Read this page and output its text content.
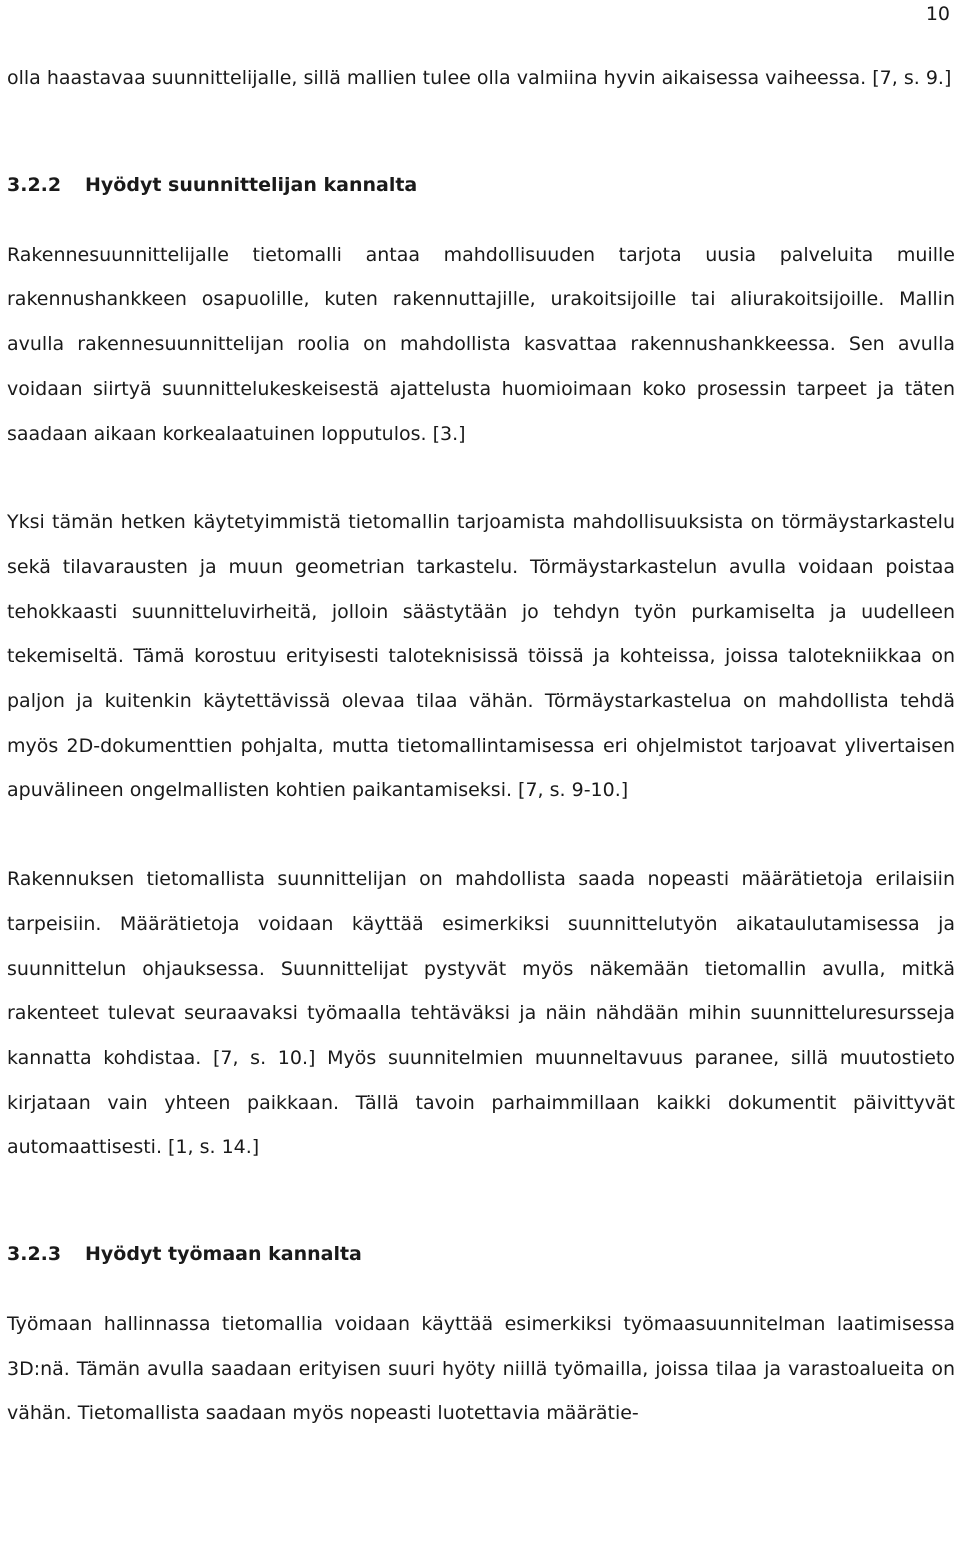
10

olla haastavaa suunnittelijalle, sillä mallien tulee olla valmiina hyvin aikaisessa vaiheessa. [7, s. 9.]

3.2.2 Hyödyt suunnittelijan kannalta

Rakennesuunnittelijalle tietomalli antaa mahdollisuuden tarjota uusia palveluita muille rakennushankkeen osapuolille, kuten rakennuttajille, urakoitsijoille tai aliurakoitsijoille. Mallin avulla rakennesuunnittelijan roolia on mahdollista kasvattaa rakennushankkeessa. Sen avulla voidaan siirtyä suunnittelukeskeisestä ajattelusta huomioimaan koko prosessin tarpeet ja täten saadaan aikaan korkealaatuinen lopputulos. [3.]

Yksi tämän hetken käytetyimmistä tietomallin tarjoamista mahdollisuuksista on törmäystarkastelu sekä tilavarausten ja muun geometrian tarkastelu. Törmäystarkastelun avulla voidaan poistaa tehokkaasti suunnitteluvirheitä, jolloin säästytään jo tehdyn työn purkamiselta ja uudelleen tekemiseltä. Tämä korostuu erityisesti taloteknisissä töissä ja kohteissa, joissa talotekniikkaa on paljon ja kuitenkin käytettävissä olevaa tilaa vähän. Törmäystarkastelua on mahdollista tehdä myös 2D-dokumenttien pohjalta, mutta tietomallintamisessa eri ohjelmistot tarjoavat ylivertaisen apuvälineen ongelmallisten kohtien paikantamiseksi. [7, s. 9-10.]

Rakennuksen tietomallista suunnittelijan on mahdollista saada nopeasti määrätietoja erilaisiin tarpeisiin. Määrätietoja voidaan käyttää esimerkiksi suunnittelutyön aikataulutamisessa ja suunnittelun ohjauksessa. Suunnittelijat pystyvät myös näkemään tietomallin avulla, mitkä rakenteet tulevat seuraavaksi työmaalla tehtäväksi ja näin nähdään mihin suunnitteluresursseja kannatta kohdistaa. [7, s. 10.] Myös suunnitelmien muunneltavuus paranee, sillä muutostieto kirjataan vain yhteen paikkaan. Tällä tavoin parhaimmillaan kaikki dokumentit päivittyvät automaattisesti. [1, s. 14.]

3.2.3 Hyödyt työmaan kannalta

Työmaan hallinnassa tietomallia voidaan käyttää esimerkiksi työmaasuunnitelman laatimisessa 3D:nä. Tämän avulla saadaan erityisen suuri hyöty niillä työmailla, joissa tilaa ja varastoalueita on vähän. Tietomallista saadaan myös nopeasti luotettavia määrätie-
